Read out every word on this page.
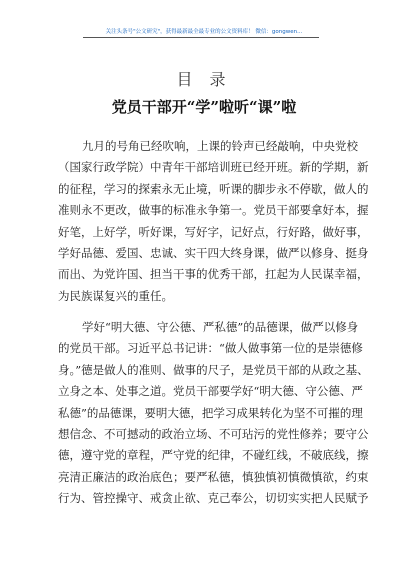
关注头条号"公文研究"，获得最新最全最专业的公文资料库！ 微信：gongwen...
目 录
党员干部开“学”啦听“课”啦
九月的号角已经吹响，上课的铃声已经敲响，中央党校
（国家行政学院）中青年干部培训班已经开班。新的学期，新
的征程，学习的探索永无止境，听课的脚步永不停歇，做人的
准则永不更改，做事的标准永争第一。党员干部要拿好本，握
好笔，上好学，听好课，写好字，记好点，行好路，做好事，
学好品德、爱国、忠诚、实干四大终身课，做严以修身、挺身
而出、为党许国、担当干事的优秀干部，扛起为人民谋幸福，
为民族谋复兴的重任。
学好“明大德、守公德、严私德”的品德课，做严以修身
的党员干部。习近平总书记讲：“做人做事第一位的是崇德修
身。”德是做人的准则、做事的尺子，是党员干部的从政之基、
立身之本、处事之道。党员干部要学好“明大德、守公德、严
私德”的品德课，要明大德，把学习成果转化为坚不可摧的理
想信念、不可撼动的政治立场、不可玷污的党性修养；要守公
德，遵守党的章程，严守党的纪律，不碰红线，不破底线，擦
亮清正廉洁的政治底色；要严私德，慎独慎初慎微慎欲，约束
行为、管控操守、戒贪止欲、克己奉公，切切实实把人民赋予
